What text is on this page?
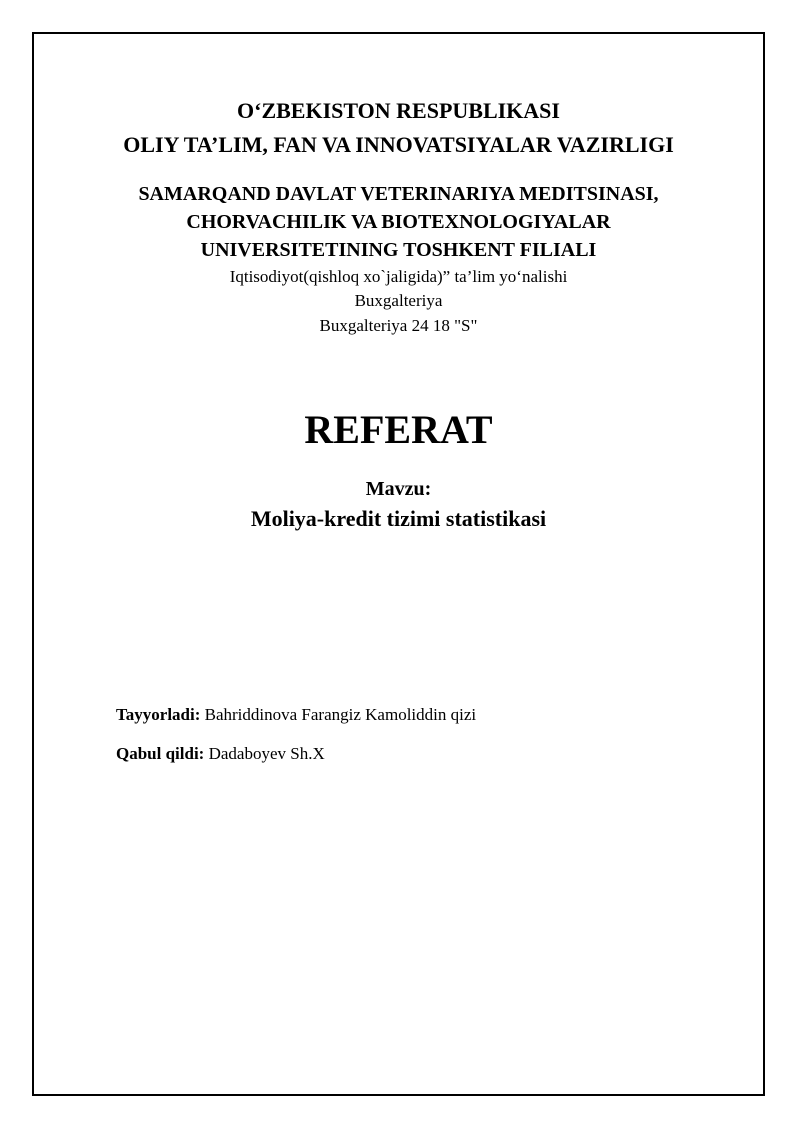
O‘ZBEKISTON RESPUBLIKASI
OLIY TA’LIM, FAN VA INNOVATSIYALAR VAZIRLIGI
SAMARQAND DAVLAT VETERINARIYA MEDITSINASI,
CHORVACHILIK VA BIOTEXNOLOGIYALAR
UNIVERSITETINING TOSHKENT FILIALI
Iqtisodiyot(qishloq xo`jaligida)” ta’lim yo‘nalishi
Buxgalteriya
Buxgalteriya 24 18 "S"
REFERAT
Mavzu:
Moliya-kredit tizimi statistikasi
Tayyorladi: Bahriddinova Farangiz Kamoliddin qizi
Qabul qildi: Dadaboyev Sh.X
